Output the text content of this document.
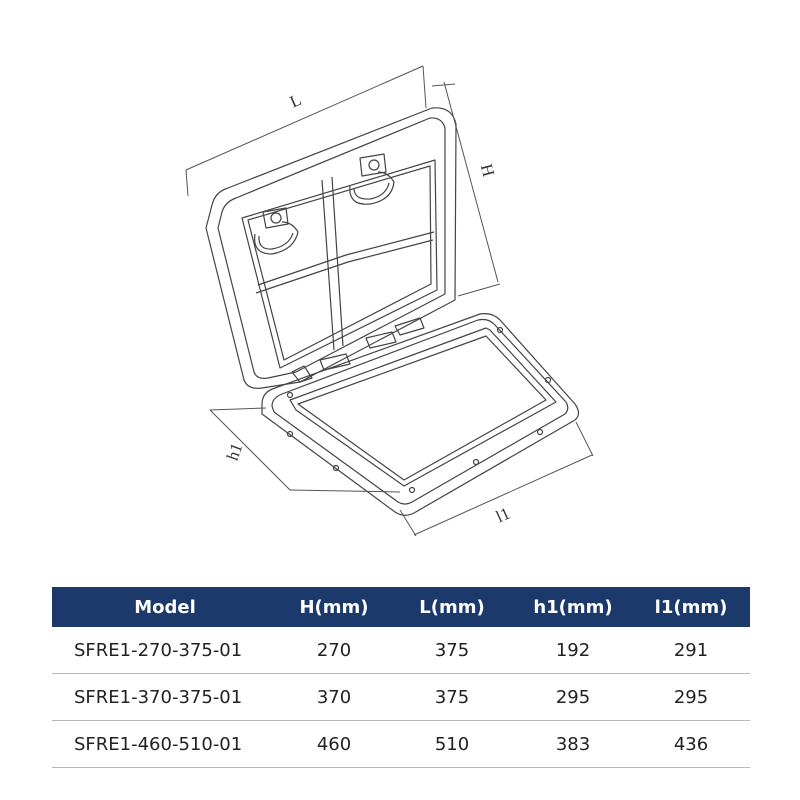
L
H
h1
l1
Model	H(mm)	L(mm)	h1(mm)	l1(mm)
SFRE1-270-375-01	270	375	192	291
SFRE1-370-375-01	370	375	295	295
SFRE1-460-510-01	460	510	383	436
